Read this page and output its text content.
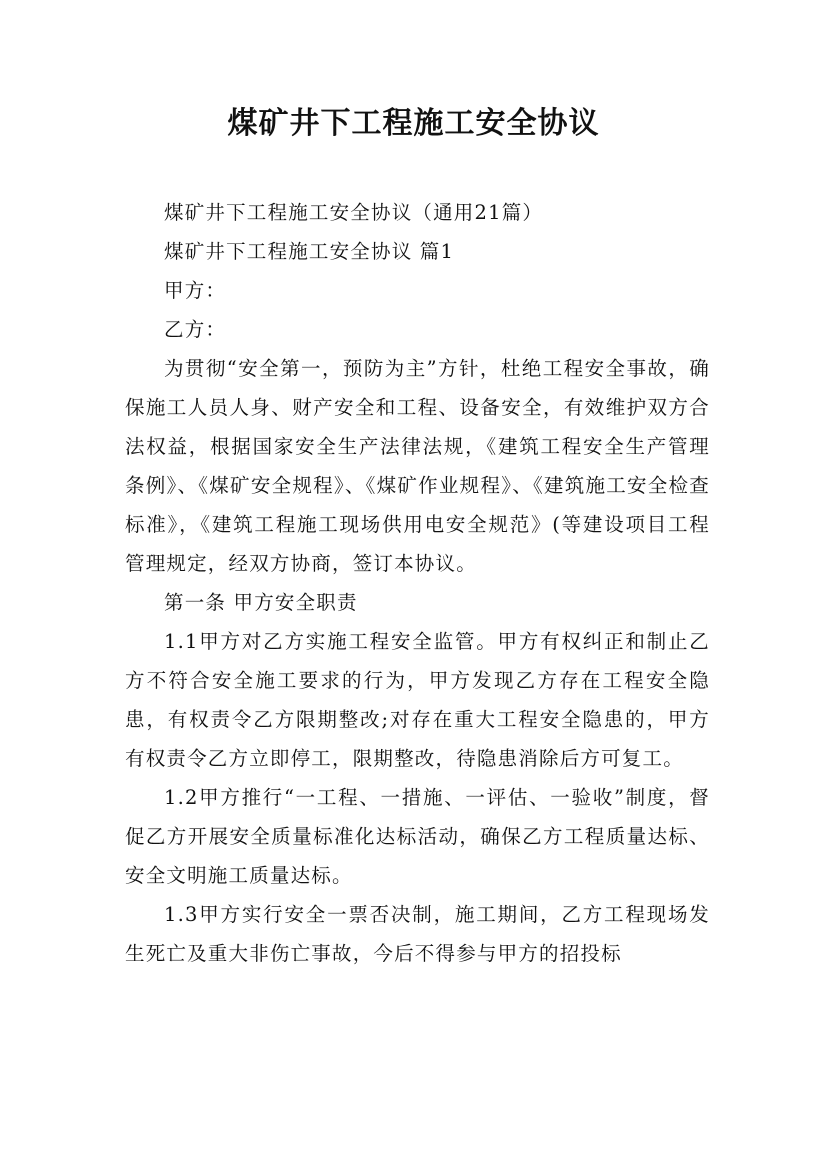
煤矿井下工程施工安全协议

煤矿井下工程施工安全协议（通用21篇）

煤矿井下工程施工安全协议 篇1

甲方：

乙方：

为贯彻“安全第一，预防为主”方针，杜绝工程安全事故，确保施工人员人身、财产安全和工程、设备安全，有效维护双方合法权益，根据国家安全生产法律法规，《建筑工程安全生产管理条例》、《煤矿安全规程》、《煤矿作业规程》、《建筑施工安全检查标准》，《建筑工程施工现场供用电安全规范》(等建设项目工程管理规定，经双方协商，签订本协议。

第一条 甲方安全职责

1.1甲方对乙方实施工程安全监管。甲方有权纠正和制止乙方不符合安全施工要求的行为，甲方发现乙方存在工程安全隐患，有权责令乙方限期整改;对存在重大工程安全隐患的，甲方有权责令乙方立即停工，限期整改，待隐患消除后方可复工。

1.2甲方推行“一工程、一措施、一评估、一验收”制度，督促乙方开展安全质量标准化达标活动，确保乙方工程质量达标、安全文明施工质量达标。

1.3甲方实行安全一票否决制，施工期间，乙方工程现场发生死亡及重大非伤亡事故，今后不得参与甲方的招投标
